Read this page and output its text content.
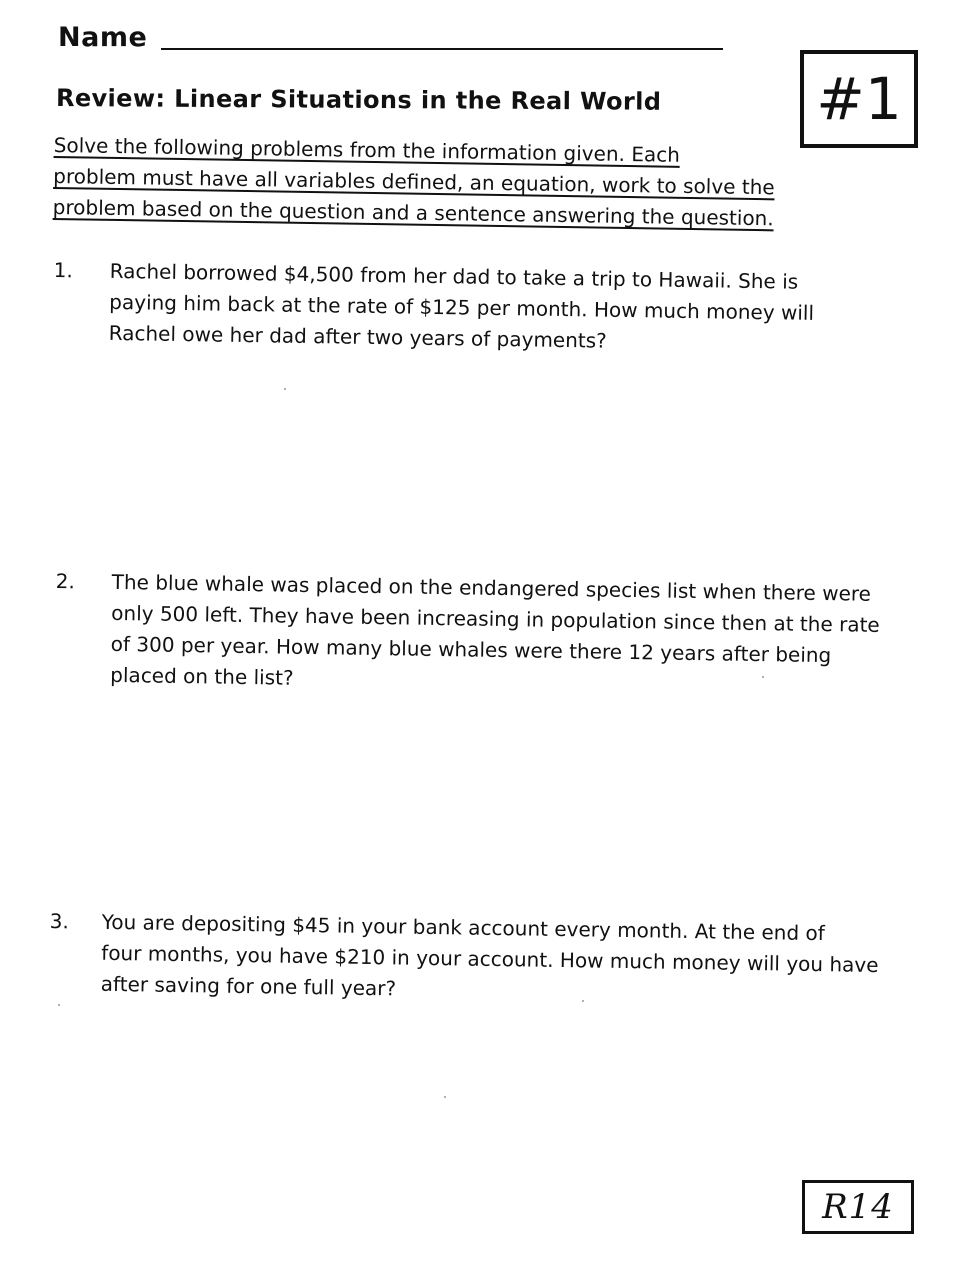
Name
Review: Linear Situations in the Real World	#1
Solve the following problems from the information given. Each
problem must have all variables defined, an equation, work to solve the
problem based on the question and a sentence answering the question.
1. Rachel borrowed $4,500 from her dad to take a trip to Hawaii. She is
paying him back at the rate of $125 per month. How much money will
Rachel owe her dad after two years of payments?
2. The blue whale was placed on the endangered species list when there were
only 500 left. They have been increasing in population since then at the rate
of 300 per year. How many blue whales were there 12 years after being
placed on the list?
3. You are depositing $45 in your bank account every month. At the end of
four months, you have $210 in your account. How much money will you have
after saving for one full year?
R14
